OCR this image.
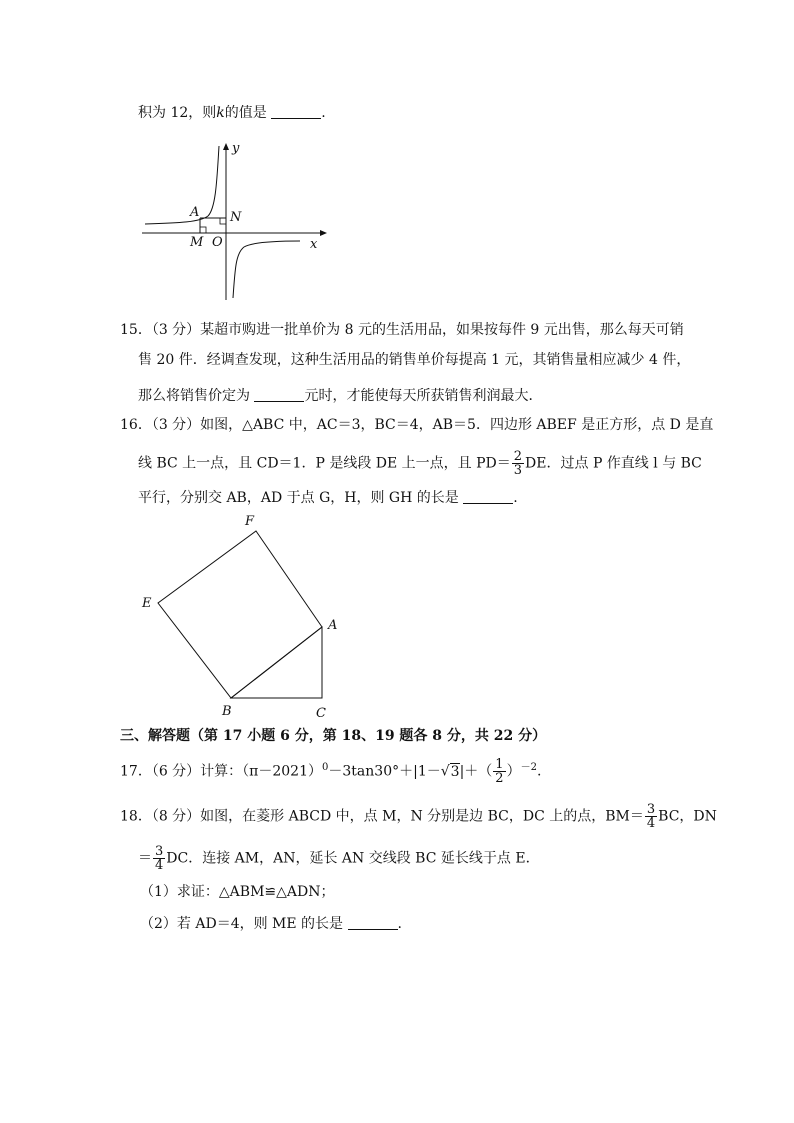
积为 12，则k的值是	.
y
x
A N
M O
15．（3 分）某超市购进一批单价为 8 元的生活用品，如果按每件 9 元出售，那么每天可销
售 20 件．经调查发现，这种生活用品的销售单价每提高 1 元，其销售量相应减少 4 件，
那么将销售价定为	元时，才能使每天所获销售利润最大．
16．（3 分）如图，△ABC 中，AC＝3，BC＝4，AB＝5．四边形 ABEF 是正方形，点 D 是直
线 BC 上一点，且 CD＝1．P 是线段 DE 上一点，且 $PD= \frac{2}{3}$ DE．过点 P 作直线 l 与 BC
平行，分别交 AB，AD 于点 G，H，则 GH 的长是	.
F
E
A
B	C
三、解答题（第 17 小题 6 分，第 18、19 题各 8 分，共 22 分）
17．（6 分）计算：$(\pi-2021)^0-3\tan 30^\circ+|1-√3|+( \frac{1}{2} )^{-2}$.
18．（8 分）如图，在菱形 ABCD 中，点 M，N 分别是边 BC，DC 上的点，$BM= \frac{3}{4}$ BC，DN
＝ $\frac{3}{4}$ DC．连接 AM，AN，延长 AN 交线段 BC 延长线于点 E．
（1）求证：△ABM≌△ADN；
（2）若 AD＝4，则 ME 的长是	.
